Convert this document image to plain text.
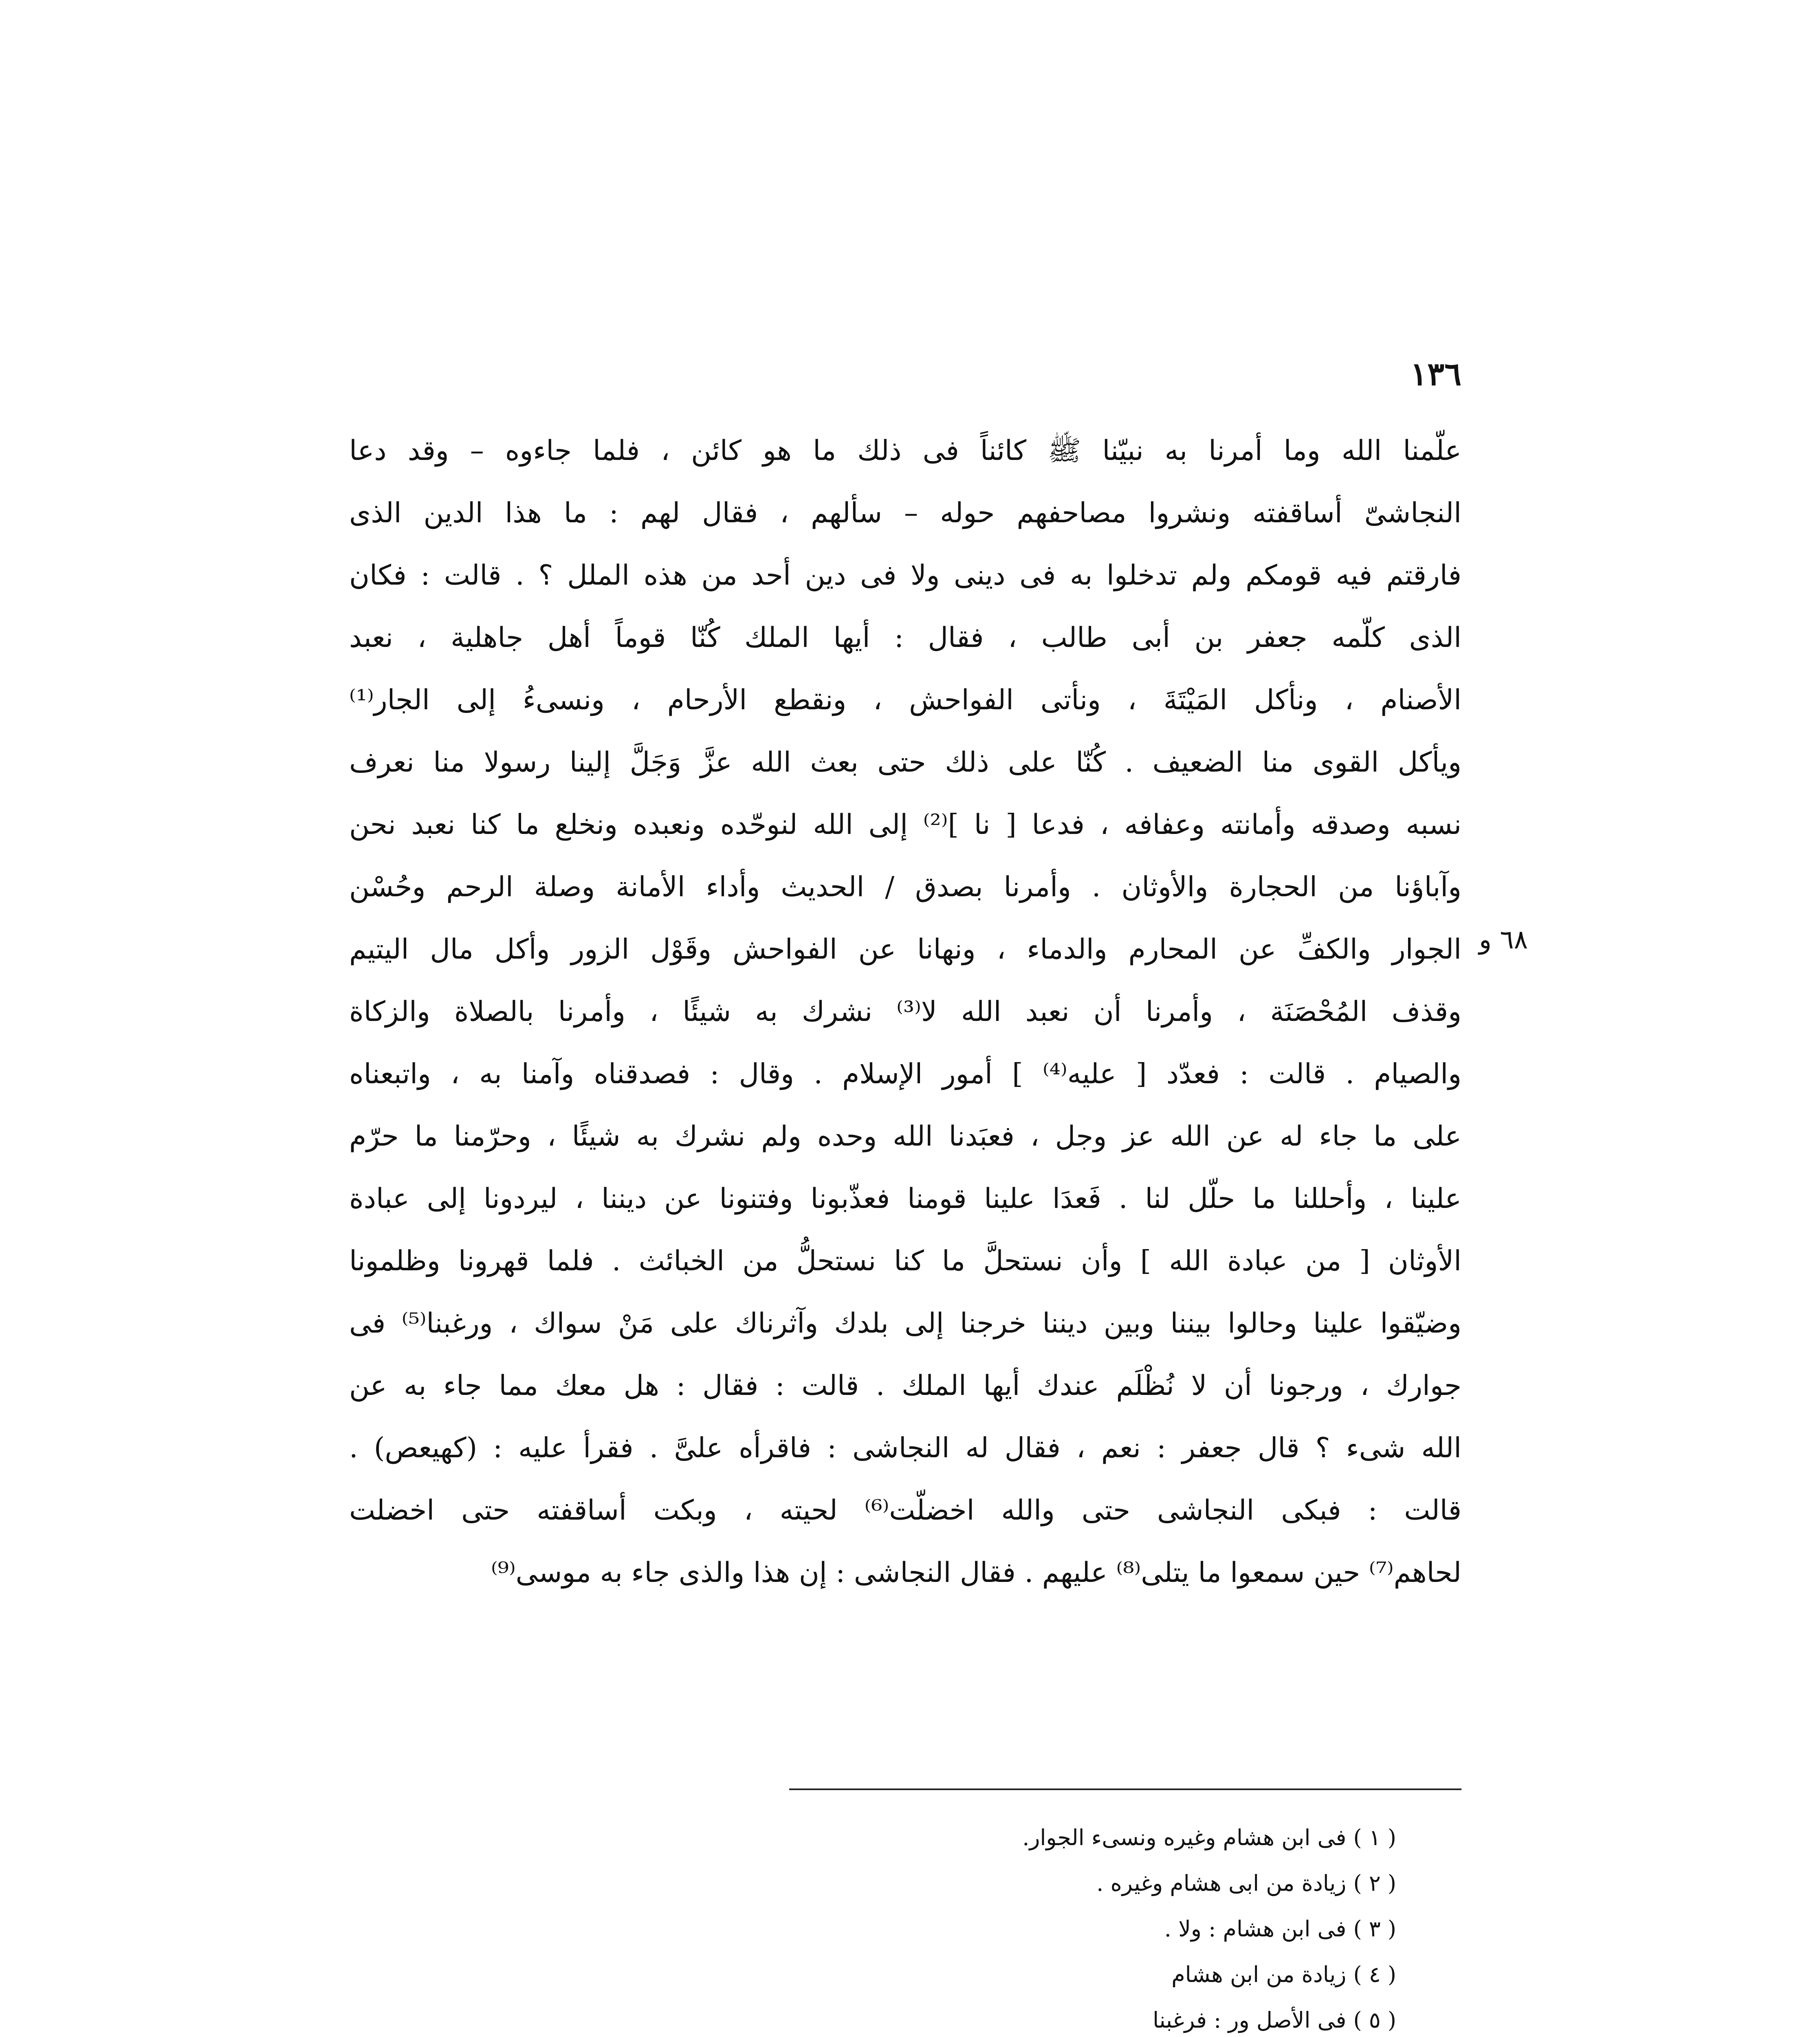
١٣٦
٦٨ و
علّمنا الله وما أمرنا به نبيّنا ﷺ كائناً فى ذلك ما هو كائن ، فلما جاءوه – وقد دعا
النجاشىّ أساقفته ونشروا مصاحفهم حوله – سألهم ، فقال لهم : ما هذا الدين الذى
فارقتم فيه قومكم ولم تدخلوا به فى دينى ولا فى دين أحد من هذه الملل ؟ . قالت : فكان
الذى كلّمه جعفر بن أبى طالب ، فقال : أيها الملك كُنّا قوماً أهل جاهلية ، نعبد
الأصنام ، ونأكل المَيْتَةَ ، ونأتى الفواحش ، ونقطع الأرحام ، ونسىءُ إلى الجار⁽¹⁾
ويأكل القوى منا الضعيف . كُنّا على ذلك حتى بعث الله عزَّ وَجَلَّ إلينا رسولا منا نعرف
نسبه وصدقه وأمانته وعفافه ، فدعا [ نا ]⁽²⁾ إلى الله لنوحّده ونعبده ونخلع ما كنا نعبد نحن
وآباؤنا من الحجارة والأوثان . وأمرنا بصدق / الحديث وأداء الأمانة وصلة الرحم وحُسْن
الجوار والكفِّ عن المحارم والدماء ، ونهانا عن الفواحش وقَوْل الزور وأكل مال اليتيم
وقذف المُحْصَنَة ، وأمرنا أن نعبد الله لا⁽³⁾ نشرك به شيئًا ، وأمرنا بالصلاة والزكاة
والصيام . قالت : فعدّد [ عليه⁽⁴⁾ ] أمور الإسلام . وقال : فصدقناه وآمنا به ، واتبعناه
على ما جاء له عن الله عز وجل ، فعبَدنا الله وحده ولم نشرك به شيئًا ، وحرّمنا ما حرّم
علينا ، وأحللنا ما حلّل لنا . فَعدَا علينا قومنا فعذّبونا وفتنونا عن ديننا ، ليردونا إلى عبادة
الأوثان [ من عبادة الله ] وأن نستحلَّ ما كنا نستحلُّ من الخبائث . فلما قهرونا وظلمونا
وضيّقوا علينا وحالوا بيننا وبين ديننا خرجنا إلى بلدك وآثرناك على مَنْ سواك ، ورغبنا⁽⁵⁾ فى
جوارك ، ورجونا أن لا نُظْلَم عندك أيها الملك . قالت : فقال : هل معك مما جاء به عن
الله شىء ؟ قال جعفر : نعم ، فقال له النجاشى : فاقرأه علىَّ . فقرأ عليه : (كهيعص) .
قالت : فبكى النجاشى حتى والله اخضلّت⁽⁶⁾ لحيته ، وبكت أساقفته حتى اخضلت
لحاهم⁽⁷⁾ حين سمعوا ما يتلى⁽⁸⁾ عليهم . فقال النجاشى : إن هذا والذى جاء به موسى⁽⁹⁾
( ١ ) فى ابن هشام وغيره ونسىء الجوار.
( ٢ ) زيادة من ابى هشام وغيره .
( ٣ ) فى ابن هشام : ولا .
( ٤ ) زيادة من ابن هشام
( ٥ ) فى الأصل ور : فرغبنا
